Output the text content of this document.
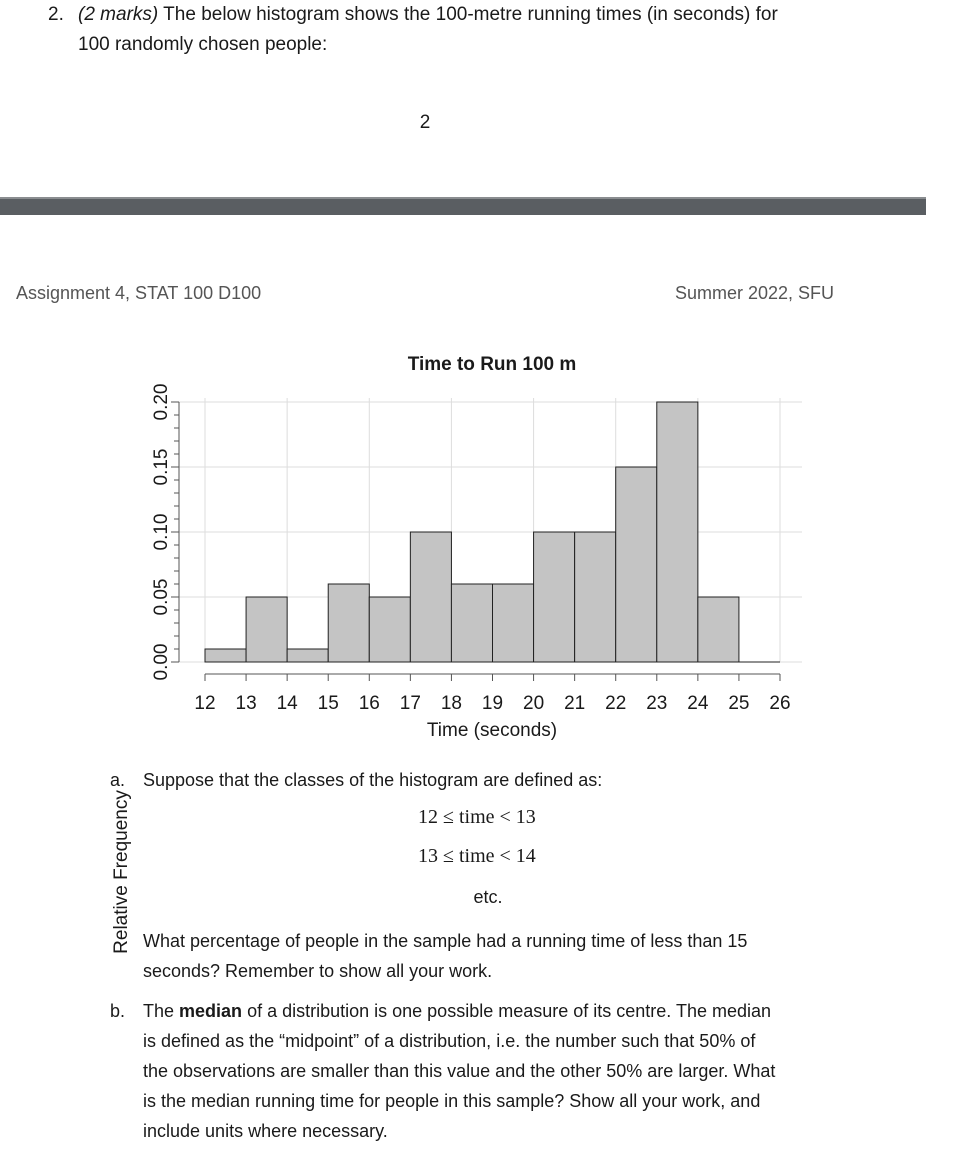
2. (2 marks) The below histogram shows the 100-metre running times (in seconds) for
100 randomly chosen people:
2
Assignment 4, STAT 100 D100	Summer 2022, SFU
Time to Run 100 m
12 13 14 15 16 17 18 19 20 21 22 23 24 25 26
0.00
0.05
0.10
0.15
0.20
Time (seconds)
Relative Frequency
a. Suppose that the classes of the histogram are defined as:
12 ≤ time < 13
13 ≤ time < 14
etc.
What percentage of people in the sample had a running time of less than 15
seconds? Remember to show all your work.
b. The median of a distribution is one possible measure of its centre. The median
is defined as the “midpoint” of a distribution, i.e. the number such that 50% of
the observations are smaller than this value and the other 50% are larger. What
is the median running time for people in this sample? Show all your work, and
include units where necessary.
